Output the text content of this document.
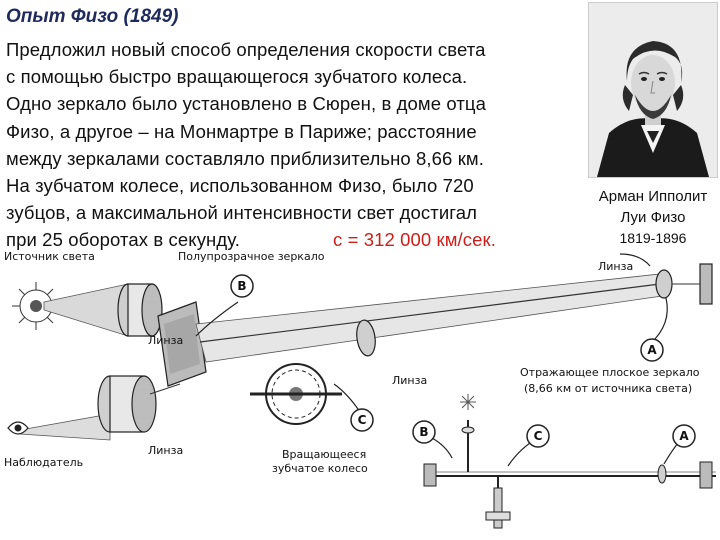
Опыт Физо (1849)
Предложил новый способ определения скорости света
с помощью быстро вращающегося зубчатого колеса.
Одно зеркало было установлено в Сюрен, в доме отца
Физо, а другое – на Монмартре в Париже; расстояние
между зеркалами составляло приблизительно 8,66 км.
На зубчатом колесе, использованном Физо, было 720
зубцов, а максимальной интенсивности свет достигал
при 25 оборотах в секунду.	с = 312 000 км/сек.
Арман Ипполит
Луи Физо
1819-1896
B
C
A
Источник света	Полупрозрачное зеркало
Линза
Линза
Линза
Линза
Наблюдатель
Отражающее плоское зеркало
(8,66 км от источника света)
Вращающееся
зубчатое колесо
B	C	A
